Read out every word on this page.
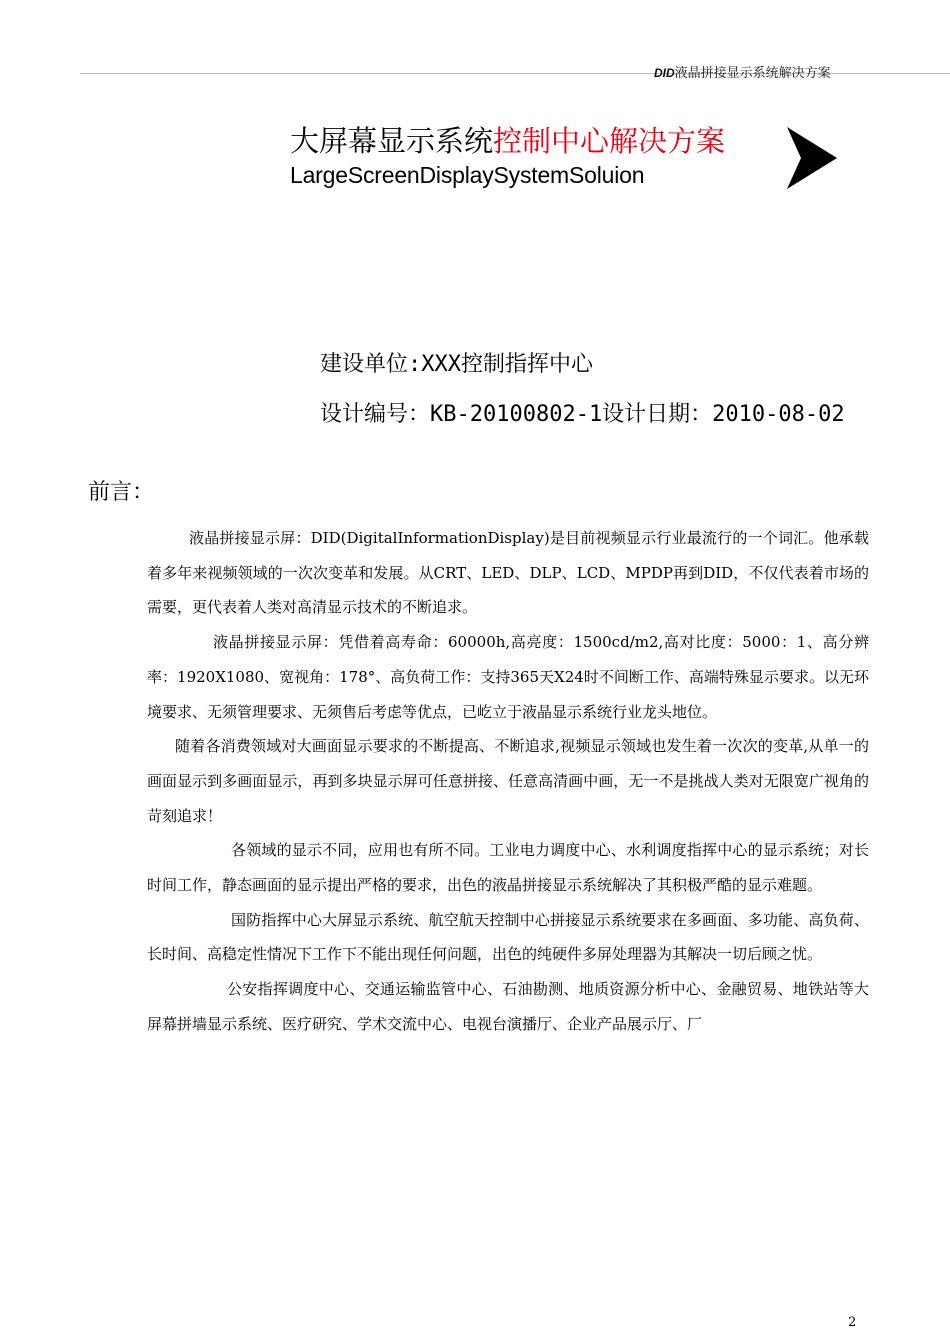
DID液晶拼接显示系统解决方案
大屏幕显示系统控制中心解决方案
LargeScreenDisplaySystemSoluion
建设单位:XXX控制指挥中心
设计编号：KB-20100802-1设计日期：2010-08-02
前言：

液晶拼接显示屏：DID(DigitalInformationDisplay)是目前视频显示行业最流行的一个词汇。他承载着多年来视频领域的一次次变革和发展。从CRT、LED、DLP、LCD、MPDP再到DID，不仅代表着市场的需要，更代表着人类对高清显示技术的不断追求。

液晶拼接显示屏：凭借着高寿命：60000h,高亮度：1500cd/m2,高对比度：5000：1、高分辨率：1920X1080、宽视角：178°、高负荷工作：支持365天X24时不间断工作、高端特殊显示要求。以无环境要求、无须管理要求、无须售后考虑等优点，已屹立于液晶显示系统行业龙头地位。

随着各消费领域对大画面显示要求的不断提高、不断追求,视频显示领域也发生着一次次的变革,从单一的画面显示到多画面显示，再到多块显示屏可任意拼接、任意高清画中画，无一不是挑战人类对无限宽广视角的苛刻追求！

各领域的显示不同，应用也有所不同。工业电力调度中心、水利调度指挥中心的显示系统；对长时间工作，静态画面的显示提出严格的要求，出色的液晶拼接显示系统解决了其积极严酷的显示难题。

国防指挥中心大屏显示系统、航空航天控制中心拼接显示系统要求在多画面、多功能、高负荷、长时间、高稳定性情况下工作下不能出现任何问题，出色的纯硬件多屏处理器为其解决一切后顾之忧。

公安指挥调度中心、交通运输监管中心、石油勘测、地质资源分析中心、金融贸易、地铁站等大屏幕拼墙显示系统、医疗研究、学术交流中心、电视台演播厅、企业产品展示厅、厂

2
